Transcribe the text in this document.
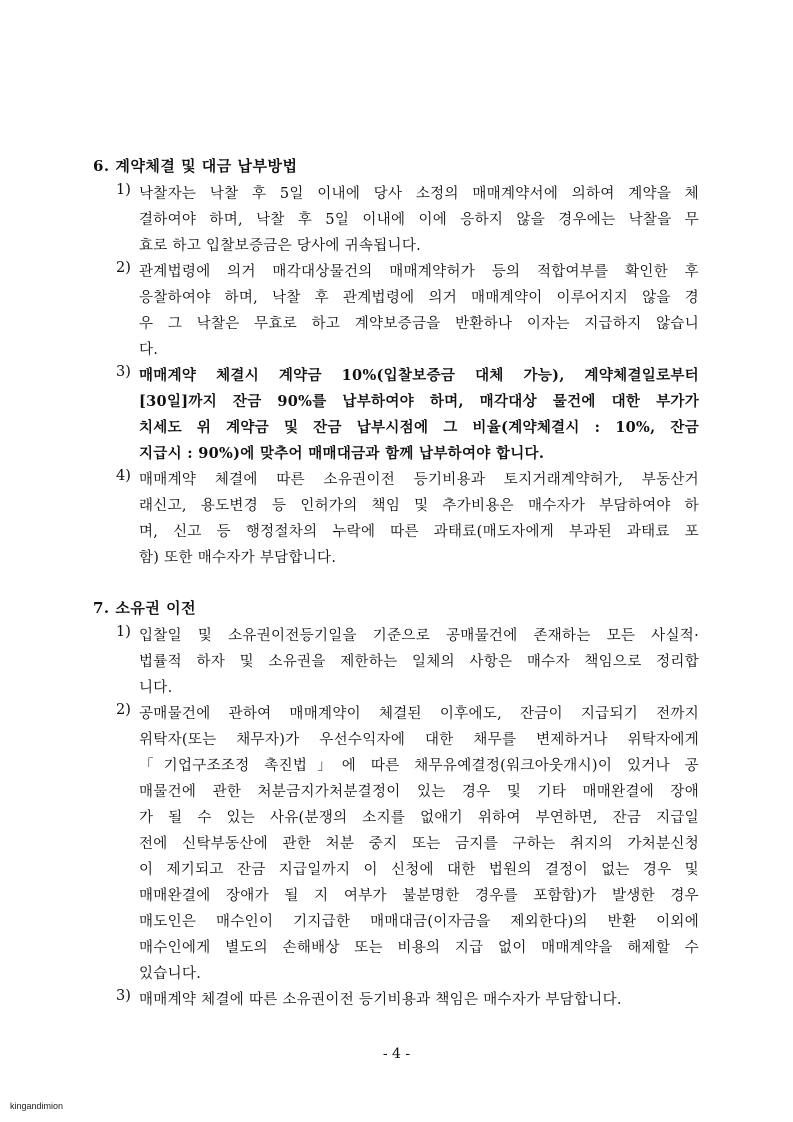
6. 계약체결 및 대금 납부방법
1) 낙찰자는 낙찰 후 5일 이내에 당사 소정의 매매계약서에 의하여 계약을 체
결하여야 하며, 낙찰 후 5일 이내에 이에 응하지 않을 경우에는 낙찰을 무
효로 하고 입찰보증금은 당사에 귀속됩니다.
2) 관계법령에 의거 매각대상물건의 매매계약허가 등의 적합여부를 확인한 후
응찰하여야 하며, 낙찰 후 관계법령에 의거 매매계약이 이루어지지 않을 경
우 그 낙찰은 무효로 하고 계약보증금을 반환하나 이자는 지급하지 않습니
다.
3) 매매계약 체결시 계약금 10%(입찰보증금 대체 가능), 계약체결일로부터
[30일]까지 잔금 90%를 납부하여야 하며, 매각대상 물건에 대한 부가가
치세도 위 계약금 및 잔금 납부시점에 그 비율(계약체결시 : 10%, 잔금
지급시 : 90%)에 맞추어 매매대금과 함께 납부하여야 합니다.
4) 매매계약 체결에 따른 소유권이전 등기비용과 토지거래계약허가, 부동산거
래신고, 용도변경 등 인허가의 책임 및 추가비용은 매수자가 부담하여야 하
며, 신고 등 행정절차의 누락에 따른 과태료(매도자에게 부과된 과태료 포
함) 또한 매수자가 부담합니다.
7. 소유권 이전
1) 입찰일 및 소유권이전등기일을 기준으로 공매물건에 존재하는 모든 사실적·
법률적 하자 및 소유권을 제한하는 일체의 사항은 매수자 책임으로 정리합
니다.
2) 공매물건에 관하여 매매계약이 체결된 이후에도, 잔금이 지급되기 전까지
위탁자(또는 채무자)가 우선수익자에 대한 채무를 변제하거나 위탁자에게
「기업구조조정 촉진법」에 따른 채무유예결정(워크아웃개시)이 있거나 공
매물건에 관한 처분금지가처분결정이 있는 경우 및 기타 매매완결에 장애
가 될 수 있는 사유(분쟁의 소지를 없애기 위하여 부연하면, 잔금 지급일
전에 신탁부동산에 관한 처분 중지 또는 금지를 구하는 취지의 가처분신청
이 제기되고 잔금 지급일까지 이 신청에 대한 법원의 결정이 없는 경우 및
매매완결에 장애가 될 지 여부가 불분명한 경우를 포함함)가 발생한 경우
매도인은 매수인이 기지급한 매매대금(이자금을 제외한다)의 반환 이외에
매수인에게 별도의 손해배상 또는 비용의 지급 없이 매매계약을 해제할 수
있습니다.
3) 매매계약 체결에 따른 소유권이전 등기비용과 책임은 매수자가 부담합니다.
- 4 -
kingandimion
